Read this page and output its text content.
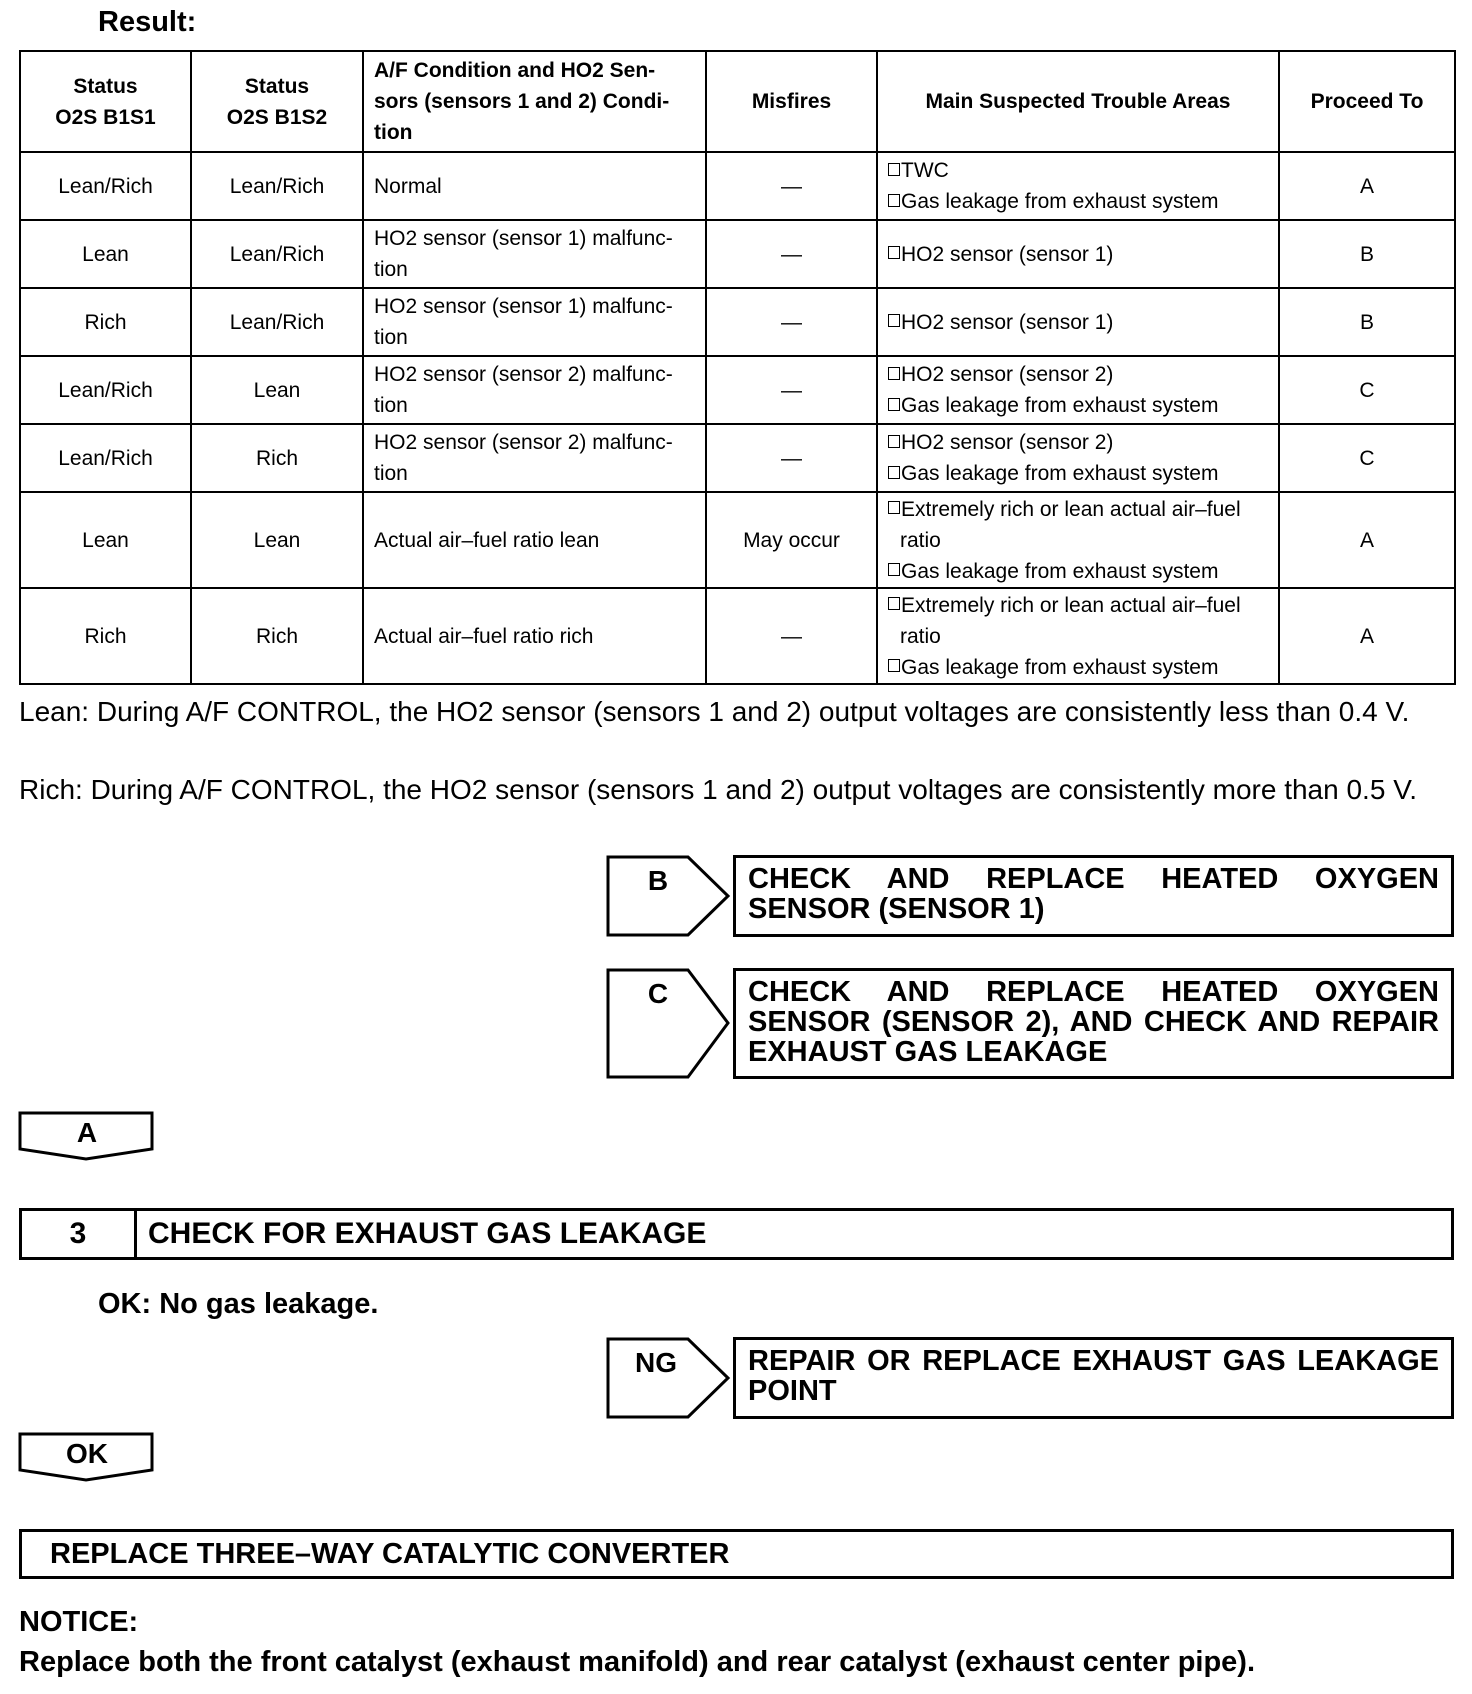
Result:
Status
O2S B1S1	Status
O2S B1S2	A/F Condition and HO2 Sen-
sors (sensors 1 and 2) Condi-
tion	Misfires	Main Suspected Trouble Areas	Proceed To
Lean/Rich	Lean/Rich	Normal	—	TWC
Gas leakage from exhaust system	A
Lean	Lean/Rich	HO2 sensor (sensor 1) malfunc-
tion	—	HO2 sensor (sensor 1)	B
Rich	Lean/Rich	HO2 sensor (sensor 1) malfunc-
tion	—	HO2 sensor (sensor 1)	B
Lean/Rich	Lean	HO2 sensor (sensor 2) malfunc-
tion	—	HO2 sensor (sensor 2)
Gas leakage from exhaust system	C
Lean/Rich	Rich	HO2 sensor (sensor 2) malfunc-
tion	—	HO2 sensor (sensor 2)
Gas leakage from exhaust system	C
Lean	Lean	Actual air–fuel ratio lean	May occur	Extremely rich or lean actual air–fuel
ratio
Gas leakage from exhaust system	A
Rich	Rich	Actual air–fuel ratio rich	—	Extremely rich or lean actual air–fuel
ratio
Gas leakage from exhaust system	A
Lean: During A/F CONTROL, the HO2 sensor (sensors 1 and 2) output voltages are consistently less than 0.4 V.
Rich: During A/F CONTROL, the HO2 sensor (sensors 1 and 2) output voltages are consistently more than 0.5 V.
B	CHECK AND REPLACE HEATED OXYGEN SENSOR (SENSOR 1)
C	CHECK AND REPLACE HEATED OXYGEN SENSOR (SENSOR 2), AND CHECK AND REPAIR EXHAUST GAS LEAKAGE
A
3	CHECK FOR EXHAUST GAS LEAKAGE
OK: No gas leakage.
NG	REPAIR OR REPLACE EXHAUST GAS LEAKAGE POINT
OK
REPLACE THREE–WAY CATALYTIC CONVERTER
NOTICE:
Replace both the front catalyst (exhaust manifold) and rear catalyst (exhaust center pipe).
